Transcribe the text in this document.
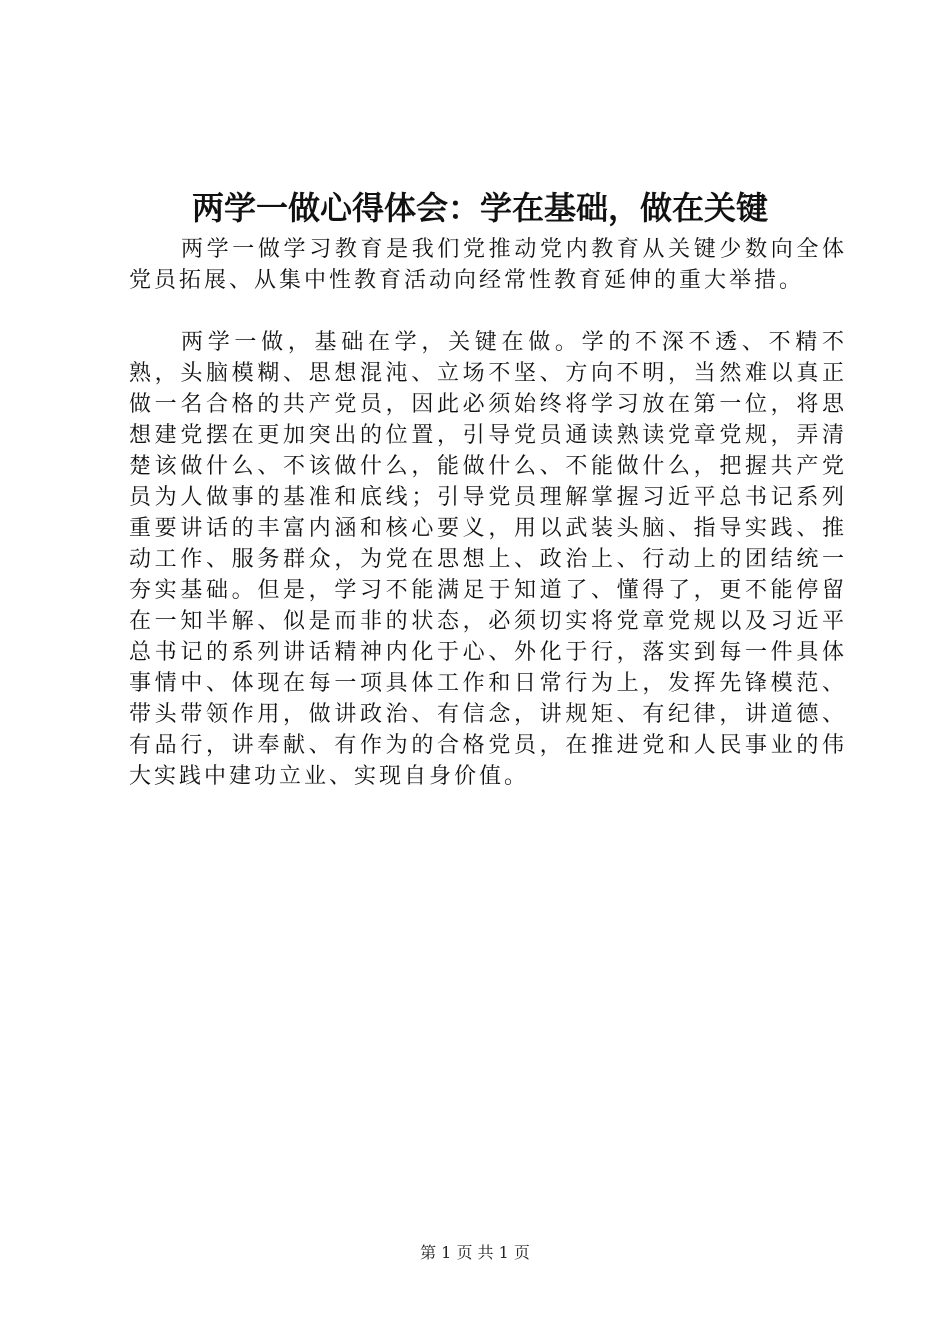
两学一做心得体会：学在基础，做在关键

两学一做学习教育是我们党推动党内教育从关键少数向全体党员拓展、从集中性教育活动向经常性教育延伸的重大举措。

两学一做，基础在学，关键在做。学的不深不透、不精不熟，头脑模糊、思想混沌、立场不坚、方向不明，当然难以真正做一名合格的共产党员，因此必须始终将学习放在第一位，将思想建党摆在更加突出的位置，引导党员通读熟读党章党规，弄清楚该做什么、不该做什么，能做什么、不能做什么，把握共产党员为人做事的基准和底线；引导党员理解掌握习近平总书记系列重要讲话的丰富内涵和核心要义，用以武装头脑、指导实践、推动工作、服务群众，为党在思想上、政治上、行动上的团结统一夯实基础。但是，学习不能满足于知道了、懂得了，更不能停留在一知半解、似是而非的状态，必须切实将党章党规以及习近平总书记的系列讲话精神内化于心、外化于行，落实到每一件具体事情中、体现在每一项具体工作和日常行为上，发挥先锋模范、带头带领作用，做讲政治、有信念，讲规矩、有纪律，讲道德、有品行，讲奉献、有作为的合格党员，在推进党和人民事业的伟大实践中建功立业、实现自身价值。

第 1 页 共 1 页
